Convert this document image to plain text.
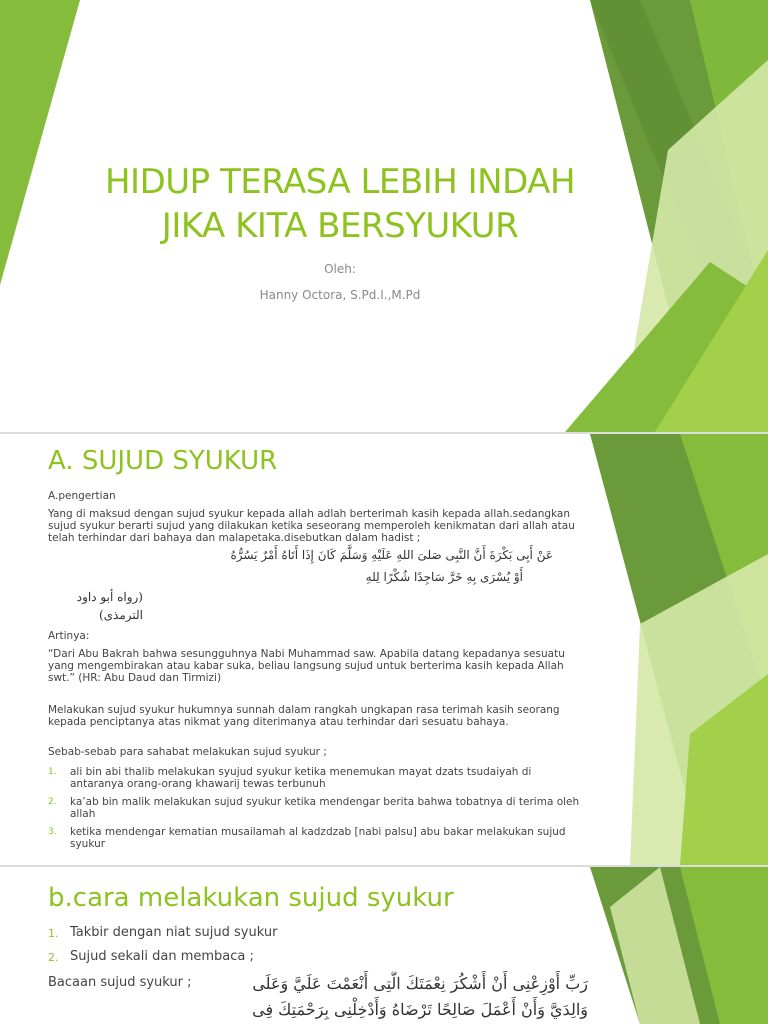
HIDUP TERASA LEBIH INDAH
JIKA KITA BERSYUKUR
Oleh:
Hanny Octora, S.Pd.I.,M.Pd
A. SUJUD SYUKUR

A.pengertian

Yang di maksud dengan sujud syukur kepada allah adlah berterimah kasih kepada allah.sedangkan sujud syukur berarti sujud yang dilakukan ketika seseorang memperoleh kenikmatan dari allah atau telah terhindar dari bahaya dan malapetaka.disebutkan dalam hadist ;

عَنْ أَبِى بَكْرَةَ أَنَّ النَّبِى صَلىَ اللهِ عَلَيْهِ وَسَلَّمَ كَانَ إِذَا أَتَاهُ أَمْرٌ يَسُرُّهُ
أَوْ يُسْرَى بِهِ خَرَّ سَاجِدًا شُكْرًا لِلهِ
(رواه أبو داود الترمذى)

Artinya:

“Dari Abu Bakrah bahwa sesungguhnya Nabi Muhammad saw. Apabila datang kepadanya sesuatu yang mengembirakan atau kabar suka, beliau langsung sujud untuk berterima kasih kepada Allah swt.” (HR: Abu Daud dan Tirmizi)

Melakukan sujud syukur hukumnya sunnah dalam rangkah ungkapan rasa terimah kasih seorang kepada penciptanya atas nikmat yang diterimanya atau terhindar dari sesuatu bahaya.

Sebab-sebab para sahabat melakukan sujud syukur ;

1. ali bin abi thalib melakukan syujud syukur ketika menemukan mayat dzats tsudaiyah di antaranya orang-orang khawarij tewas terbunuh
2. ka’ab bin malik melakukan sujud syukur ketika mendengar berita bahwa tobatnya di terima oleh allah
3. ketika mendengar kematian musailamah al kadzdzab [nabi palsu] abu bakar melakukan sujud syukur
b.cara melakukan sujud syukur
1. Takbir dengan niat sujud syukur
2. Sujud sekali dan membaca ;
Bacaan sujud syukur ;	رَبِّ أَوْزِعْنِى أَنْ أَشْكُرَ نِعْمَتَكَ الَّتِى أَنْعَمْتَ عَلَيَّ وَعَلَى
وَالِدَيَّ وَأَنْ أَعْمَلَ صَالِحًا تَرْضَاهُ وَأَدْخِلْنِى بِرَحْمَتِكَ فِى
